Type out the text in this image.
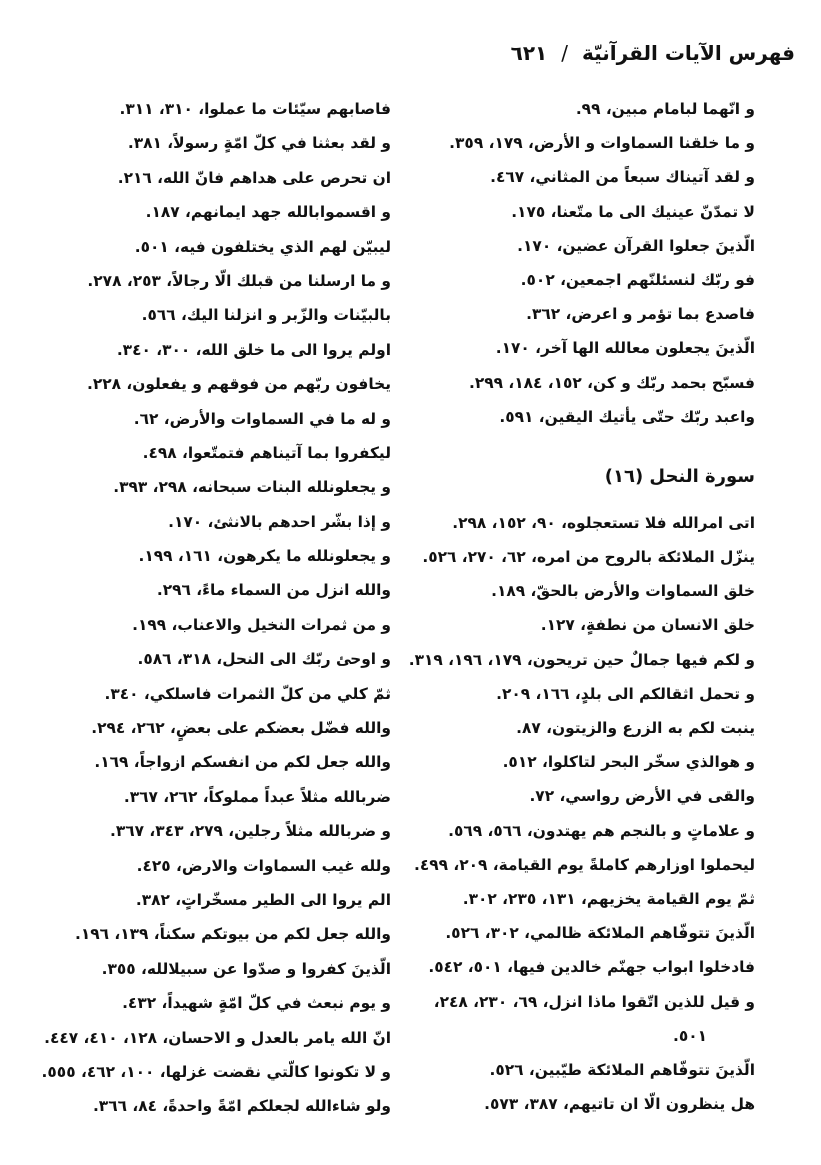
فهرس الآيات القرآنيّة
/
٦٢١
و انّهما لبامام مبين، ٩٩.
و ما خلقنا السماوات و الأرض، ١٧٩، ٣٥٩.
و لقد آتيناك سبعاً من المثاني، ٤٦٧.
لا تمدّنّ عينيك الى ما متّعنا، ١٧٥.
الّذينَ جعلوا القرآن عضين، ١٧٠.
فو ربّك لنسئلنّهم اجمعين، ٥٠٢.
فاصدع بما تؤمر و اعرض، ٣٦٢.
الّذينَ يجعلون معالله الها آخر، ١٧٠.
فسبّح بحمد ربّك و كن، ١٥٢، ١٨٤، ٢٩٩.
واعبد ربّك حتّى يأتيك اليقين، ٥٩١.
سورة النحل (١٦)
اتى امرالله فلا تستعجلوه، ٩٠، ١٥٢، ٢٩٨.
ينزّل الملائكة بالروح من امره، ٦٢، ٢٧٠، ٥٢٦.
خلق السماوات والأرض بالحقّ، ١٨٩.
خلق الانسان من نطفةٍ، ١٢٧.
و لكم فيها جمالٌ حين تريحون، ١٧٩، ١٩٦، ٣١٩.
و تحمل اثقالكم الى بلدٍ، ١٦٦، ٢٠٩.
ينبت لكم به الزرع والزيتون، ٨٧.
و هوالذي سخّر البحر لتاكلوا، ٥١٢.
والقى في الأرض رواسي، ٧٢.
و علاماتٍ و بالنجم هم يهتدون، ٥٦٦، ٥٦٩.
ليحملوا اوزارهم كاملةً يوم القيامة، ٢٠٩، ٤٩٩.
ثمّ يوم القيامة يخزيهم، ١٣١، ٢٣٥، ٣٠٢.
الّذينَ تتوفّاهم الملائكة ظالمي، ٣٠٢، ٥٢٦.
فادخلوا ابواب جهنّم خالدين فيها، ٥٠١، ٥٤٢.
و قيل للذين اتّقوا ماذا انزل، ٦٩، ٢٣٠، ٢٤٨،
٥٠١.
الّذينَ تتوفّاهم الملائكة طيّبين، ٥٢٦.
هل ينظرون الّا ان تاتيهم، ٣٨٧، ٥٧٣.
فاصابهم سيّئات ما عملوا، ٣١٠، ٣١١.
و لقد بعثنا في كلّ امّةٍ رسولاً، ٣٨١.
ان تحرص على هداهم فانّ الله، ٢١٦.
و اقسموابالله جهد ايمانهم، ١٨٧.
ليبيّن لهم الذي يختلفون فيه، ٥٠١.
و ما ارسلنا من قبلك الّا رجالاً، ٢٥٣، ٢٧٨.
بالبيّنات والزّبر و انزلنا اليك، ٥٦٦.
اولم يروا الى ما خلق الله، ٣٠٠، ٣٤٠.
يخافون ربّهم من فوقهم و يفعلون، ٢٢٨.
و له ما في السماوات والأرض، ٦٢.
ليكفروا بما آتيناهم فتمتّعوا، ٤٩٨.
و يجعلونلله البنات سبحانه، ٢٩٨، ٣٩٣.
و إذا بشّر احدهم بالانثئ، ١٧٠.
و يجعلونلله ما يكرهون، ١٦١، ١٩٩.
والله انزل من السماء ماءً، ٢٩٦.
و من ثمرات النخيل والاعناب، ١٩٩.
و اوحئ ربّك الى النحل، ٣١٨، ٥٨٦.
ثمّ كلي من كلّ الثمرات فاسلكي، ٣٤٠.
والله فضّل بعضكم على بعضٍ، ٢٦٢، ٢٩٤.
والله جعل لكم من انفسكم ازواجاً، ١٦٩.
ضربالله مثلاً عبداً مملوكاً، ٢٦٢، ٣٦٧.
و ضربالله مثلاً رجلين، ٢٧٩، ٣٤٣، ٣٦٧.
ولله غيب السماوات والارض، ٤٢٥.
الم يروا الى الطير مسخّراتٍ، ٣٨٢.
والله جعل لكم من بيوتكم سكناً، ١٣٩، ١٩٦.
الّذينَ كفروا و صدّوا عن سبيلالله، ٣٥٥.
و يوم نبعث في كلّ امّةٍ شهيداً، ٤٣٢.
انّ الله يامر بالعدل و الاحسان، ١٢٨، ٤١٠، ٤٤٧.
و لا تكونوا كالّتي نقضت غزلها، ١٠٠، ٤٦٢، ٥٥٥.
ولو شاءالله لجعلكم امّةً واحدةً، ٨٤، ٣٦٦.
